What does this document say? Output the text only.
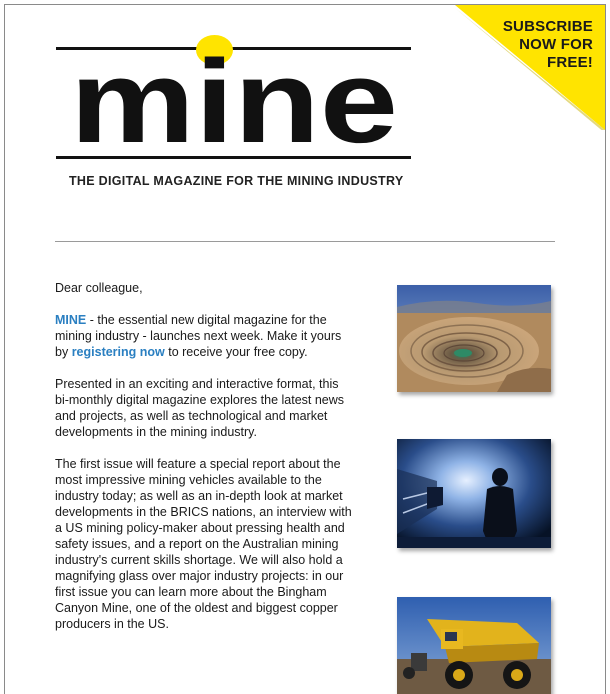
SUBSCRIBE
NOW FOR
FREE!
mine
THE DIGITAL MAGAZINE FOR THE MINING INDUSTRY

Dear colleague,

MINE - the essential new digital magazine for the mining industry - launches next week. Make it yours by registering now to receive your free copy.

Presented in an exciting and interactive format, this bi-monthly digital magazine explores the latest news and projects, as well as technological and market developments in the mining industry.

The first issue will feature a special report about the most impressive mining vehicles available to the industry today; as well as an in-depth look at market developments in the BRICS nations, an interview with a US mining policy-maker about pressing health and safety issues, and a report on the Australian mining industry's current skills shortage. We will also hold a magnifying glass over major industry projects: in our first issue you can learn more about the Bingham Canyon Mine, one of the oldest and biggest copper producers in the US.
